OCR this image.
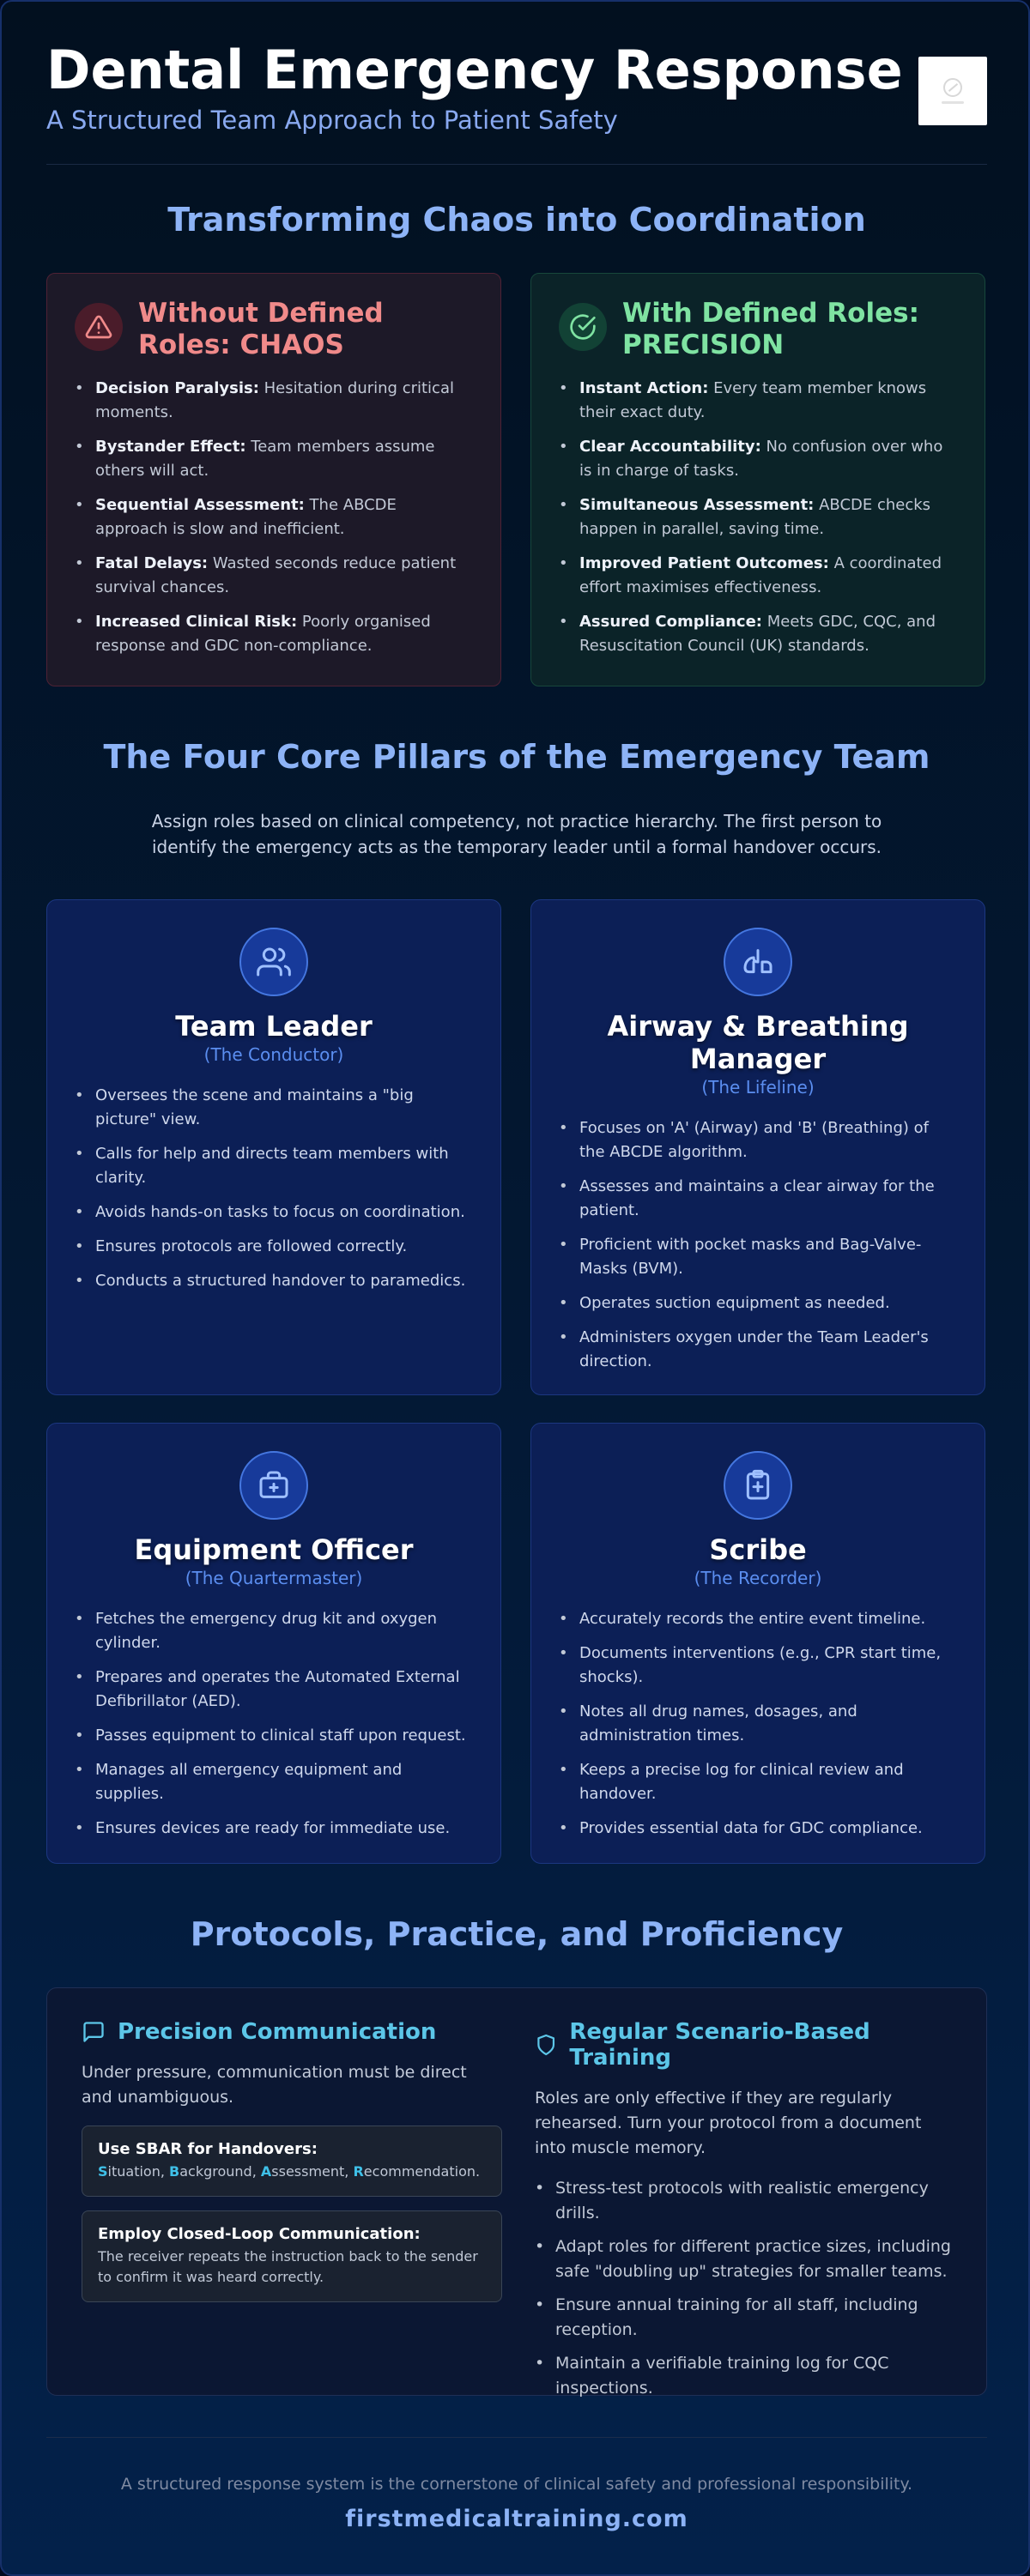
Dental Emergency Response
A Structured Team Approach to Patient Safety
Transforming Chaos into Coordination
Without Defined Roles: CHAOS
• Decision Paralysis: Hesitation during critical moments.
• Bystander Effect: Team members assume others will act.
• Sequential Assessment: The ABCDE approach is slow and inefficient.
• Fatal Delays: Wasted seconds reduce patient survival chances.
• Increased Clinical Risk: Poorly organised response and GDC non-compliance.
With Defined Roles: PRECISION
• Instant Action: Every team member knows their exact duty.
• Clear Accountability: No confusion over who is in charge of tasks.
• Simultaneous Assessment: ABCDE checks happen in parallel, saving time.
• Improved Patient Outcomes: A coordinated effort maximises effectiveness.
• Assured Compliance: Meets GDC, CQC, and Resuscitation Council (UK) standards.
The Four Core Pillars of the Emergency Team
Assign roles based on clinical competency, not practice hierarchy. The first person to identify the emergency acts as the temporary leader until a formal handover occurs.
Team Leader
(The Conductor)
• Oversees the scene and maintains a "big picture" view.
• Calls for help and directs team members with clarity.
• Avoids hands-on tasks to focus on coordination.
• Ensures protocols are followed correctly.
• Conducts a structured handover to paramedics.
Airway & Breathing Manager
(The Lifeline)
• Focuses on 'A' (Airway) and 'B' (Breathing) of the ABCDE algorithm.
• Assesses and maintains a clear airway for the patient.
• Proficient with pocket masks and Bag-Valve-Masks (BVM).
• Operates suction equipment as needed.
• Administers oxygen under the Team Leader's direction.
Equipment Officer
(The Quartermaster)
• Fetches the emergency drug kit and oxygen cylinder.
• Prepares and operates the Automated External Defibrillator (AED).
• Passes equipment to clinical staff upon request.
• Manages all emergency equipment and supplies.
• Ensures devices are ready for immediate use.
Scribe
(The Recorder)
• Accurately records the entire event timeline.
• Documents interventions (e.g., CPR start time, shocks).
• Notes all drug names, dosages, and administration times.
• Keeps a precise log for clinical review and handover.
• Provides essential data for GDC compliance.
Protocols, Practice, and Proficiency
Precision Communication
Under pressure, communication must be direct and unambiguous.
Use SBAR for Handovers:
Situation, Background, Assessment, Recommendation.
Employ Closed-Loop Communication:
The receiver repeats the instruction back to the sender to confirm it was heard correctly.
Regular Scenario-Based Training
Roles are only effective if they are regularly rehearsed. Turn your protocol from a document into muscle memory.
• Stress-test protocols with realistic emergency drills.
• Adapt roles for different practice sizes, including safe "doubling up" strategies for smaller teams.
• Ensure annual training for all staff, including reception.
• Maintain a verifiable training log for CQC inspections.
A structured response system is the cornerstone of clinical safety and professional responsibility.
firstmedicaltraining.com
